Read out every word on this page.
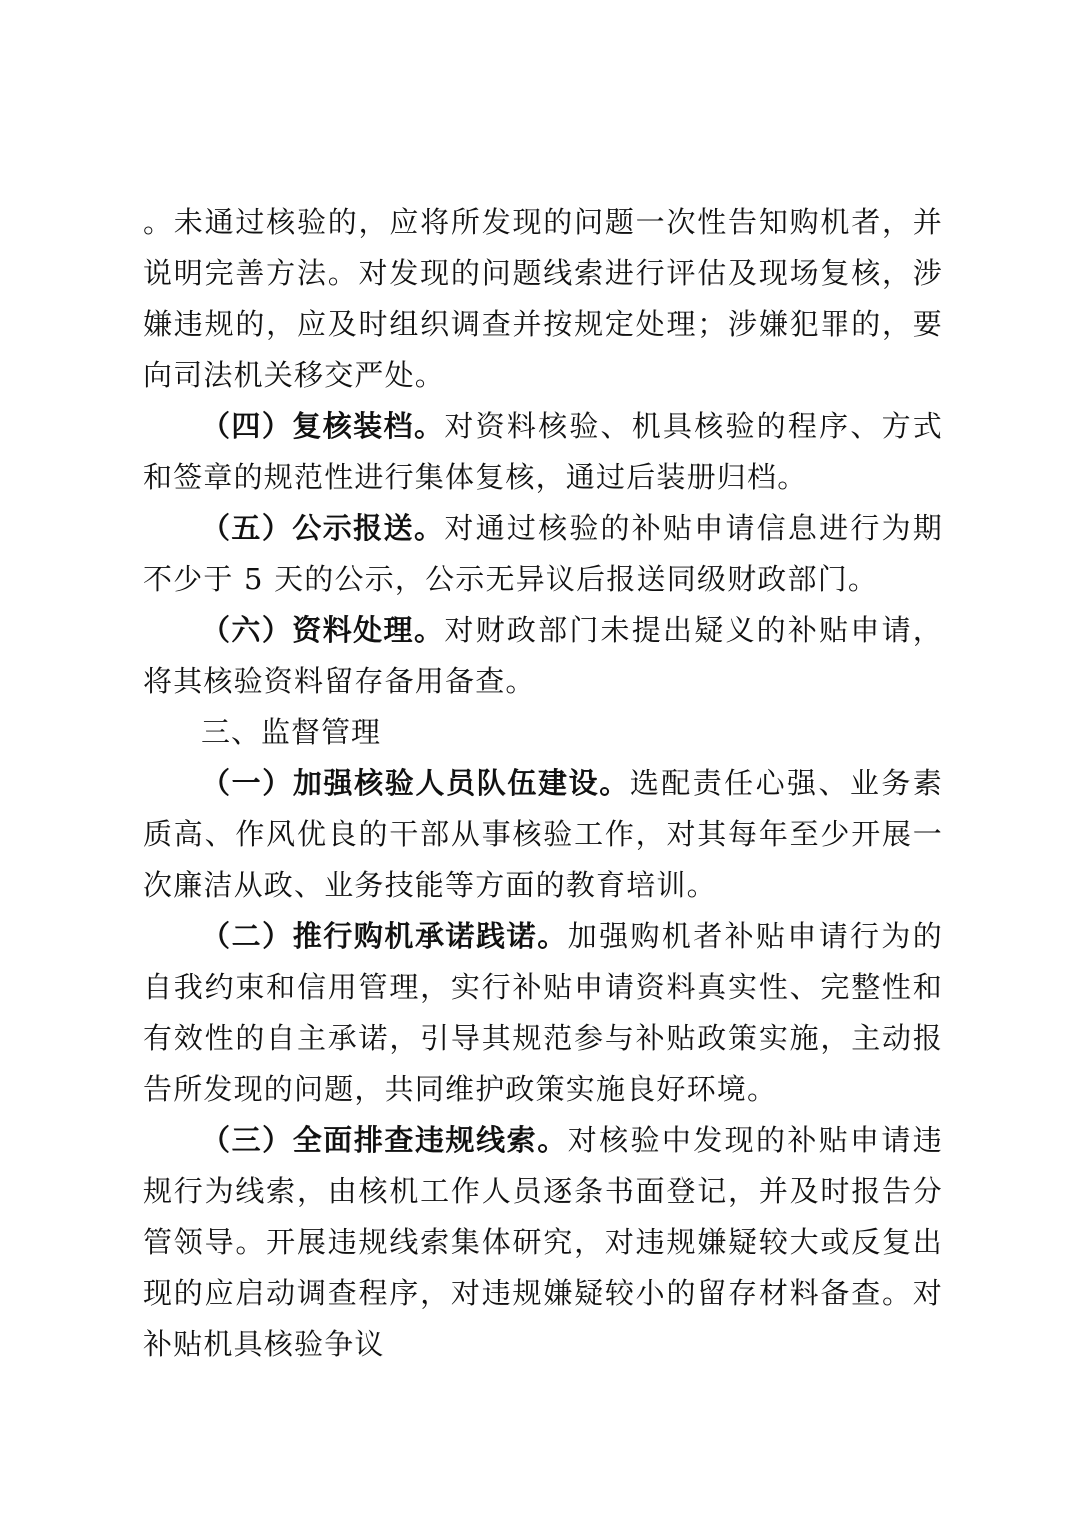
。未通过核验的，应将所发现的问题一次性告知购机者，并说明完善方法。对发现的问题线索进行评估及现场复核，涉嫌违规的，应及时组织调查并按规定处理；涉嫌犯罪的，要向司法机关移交严处。

（四）复核装档。对资料核验、机具核验的程序、方式和签章的规范性进行集体复核，通过后装册归档。

（五）公示报送。对通过核验的补贴申请信息进行为期不少于 5 天的公示，公示无异议后报送同级财政部门。

（六）资料处理。对财政部门未提出疑义的补贴申请，将其核验资料留存备用备查。

三、监督管理

（一）加强核验人员队伍建设。选配责任心强、业务素质高、作风优良的干部从事核验工作，对其每年至少开展一次廉洁从政、业务技能等方面的教育培训。

（二）推行购机承诺践诺。加强购机者补贴申请行为的自我约束和信用管理，实行补贴申请资料真实性、完整性和有效性的自主承诺，引导其规范参与补贴政策实施，主动报告所发现的问题，共同维护政策实施良好环境。

（三）全面排查违规线索。对核验中发现的补贴申请违规行为线索，由核机工作人员逐条书面登记，并及时报告分管领导。开展违规线索集体研究，对违规嫌疑较大或反复出现的应启动调查程序，对违规嫌疑较小的留存材料备查。对补贴机具核验争议
